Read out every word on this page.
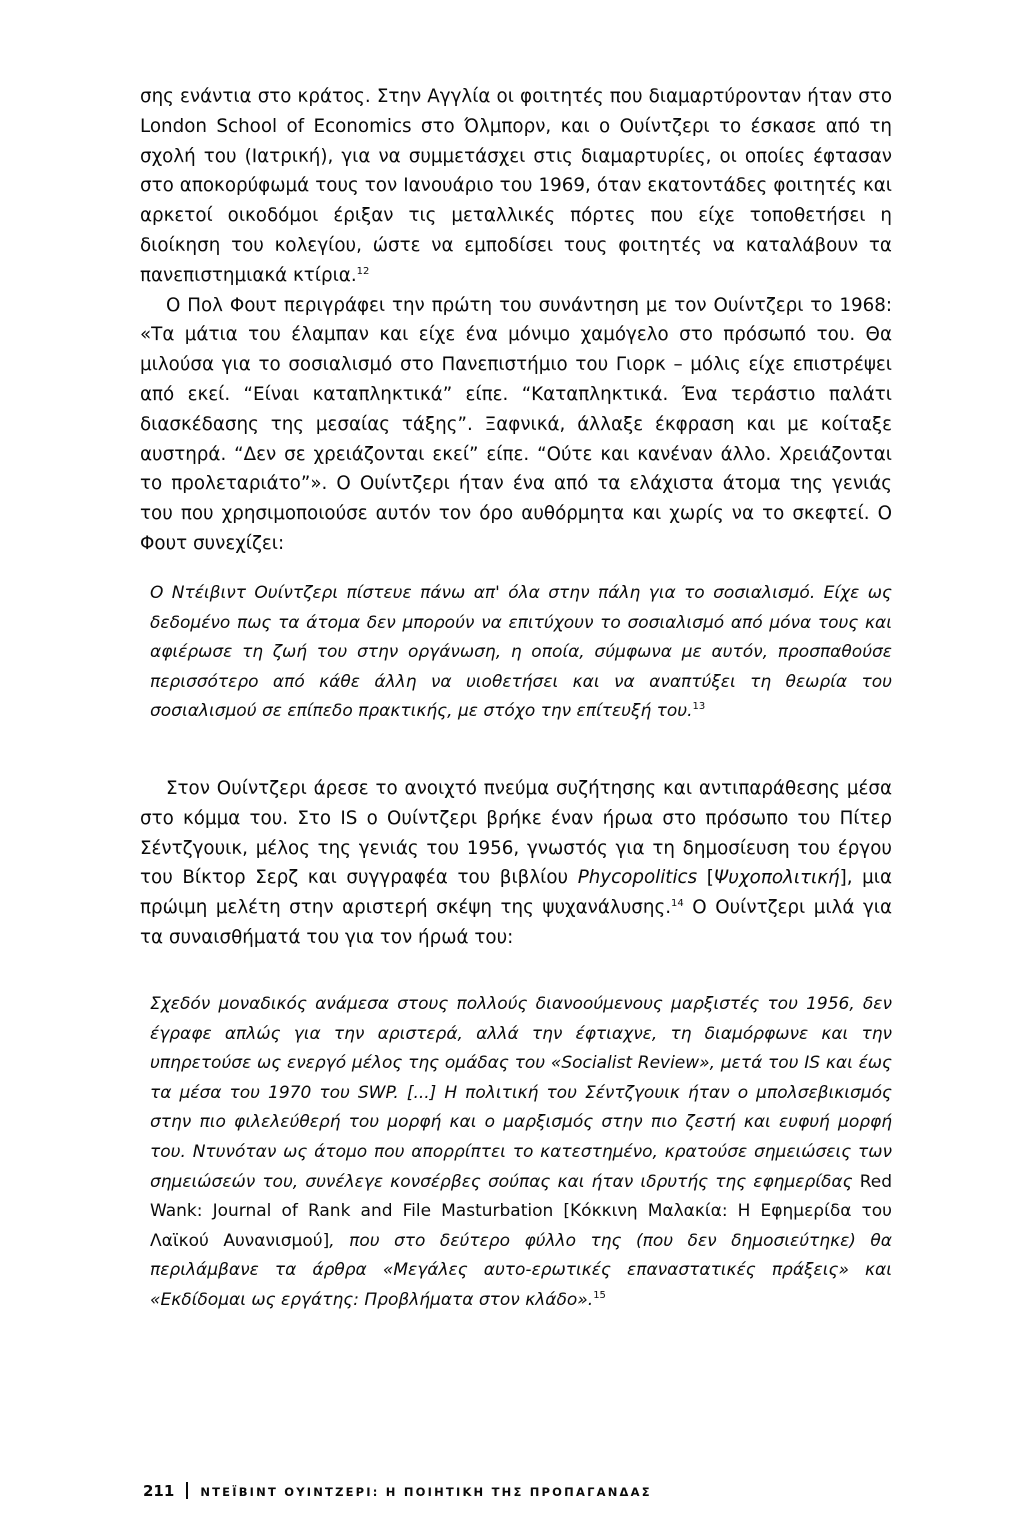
σης ενάντια στο κράτος. Στην Αγγλία οι φοιτητές που διαμαρτύρονταν ήταν στο London School of Economics στο Όλμπορν, και ο Ουίντζερι το έσκασε από τη σχολή του (Ιατρική), για να συμμετάσχει στις διαμαρτυρίες, οι οποίες έφτασαν στο αποκορύφωμά τους τον Ιανουάριο του 1969, όταν εκατοντάδες φοιτητές και αρκετοί οικοδόμοι έριξαν τις μεταλλικές πόρτες που είχε τοποθετήσει η διοίκηση του κολεγίου, ώστε να εμποδίσει τους φοιτητές να καταλάβουν τα πανεπιστημιακά κτίρια.$^{12}$

Ο Πολ Φουτ περιγράφει την πρώτη του συνάντηση με τον Ουίντζερι το 1968: «Τα μάτια του έλαμπαν και είχε ένα μόνιμο χαμόγελο στο πρόσωπό του. Θα μιλούσα για το σοσιαλισμό στο Πανεπιστήμιο του Γιορκ – μόλις είχε επιστρέψει από εκεί. “Είναι καταπληκτικά” είπε. “Καταπληκτικά. Ένα τεράστιο παλάτι διασκέδασης της μεσαίας τάξης”. Ξαφνικά, άλλαξε έκφραση και με κοίταξε αυστηρά. “Δεν σε χρειάζονται εκεί” είπε. “Ούτε και κανέναν άλλο. Χρειάζονται το προλεταριάτο”». Ο Ουίντζερι ήταν ένα από τα ελάχιστα άτομα της γενιάς του που χρησιμοποιούσε αυτόν τον όρο αυθόρμητα και χωρίς να το σκεφτεί. Ο Φουτ συνεχίζει:

Ο Ντέιβιντ Ουίντζερι πίστευε πάνω απ' όλα στην πάλη για το σοσιαλισμό. Είχε ως δεδομένο πως τα άτομα δεν μπορούν να επιτύχουν το σοσιαλισμό από μόνα τους και αφιέρωσε τη ζωή του στην οργάνωση, η οποία, σύμφωνα με αυτόν, προσπαθούσε περισσότερο από κάθε άλλη να υιοθετήσει και να αναπτύξει τη θεωρία του σοσιαλισμού σε επίπεδο πρακτικής, με στόχο την επίτευξή του.$^{13}$

Στον Ουίντζερι άρεσε το ανοιχτό πνεύμα συζήτησης και αντιπαράθεσης μέσα στο κόμμα του. Στο IS ο Ουίντζερι βρήκε έναν ήρωα στο πρόσωπο του Πίτερ Σέντζγουικ, μέλος της γενιάς του 1956, γνωστός για τη δημοσίευση του έργου του Βίκτορ Σερζ και συγγραφέα του βιβλίου Phycopolitics [Ψυχοπολιτική], μια πρώιμη μελέτη στην αριστερή σκέψη της ψυχανάλυσης.$^{14}$ Ο Ουίντζερι μιλά για τα συναισθήματά του για τον ήρωά του:

Σχεδόν μοναδικός ανάμεσα στους πολλούς διανοούμενους μαρξιστές του 1956, δεν έγραφε απλώς για την αριστερά, αλλά την έφτιαχνε, τη διαμόρφωνε και την υπηρετούσε ως ενεργό μέλος της ομάδας του «Socialist Review», μετά του IS και έως τα μέσα του 1970 του SWP. [...] Η πολιτική του Σέντζγουικ ήταν ο μπολσεβικισμός στην πιο φιλελεύθερή του μορφή και ο μαρξισμός στην πιο ζεστή και ευφυή μορφή του. Ντυνόταν ως άτομο που απορρίπτει το κατεστημένο, κρατούσε σημειώσεις των σημειώσεών του, συνέλεγε κονσέρβες σούπας και ήταν ιδρυτής της εφημερίδας Red Wank: Journal of Rank and File Masturbation [Κόκκινη Μαλακία: Η Εφημερίδα του Λαϊκού Αυνανισμού], που στο δεύτερο φύλλο της (που δεν δημοσιεύτηκε) θα περιλάμβανε τα άρθρα «Μεγάλες αυτο-ερωτικές επαναστατικές πράξεις» και «Εκδίδομαι ως εργάτης: Προβλήματα στον κλάδο».$^{15}$

211 ΝΤΕΪΒΙΝΤ ΟΥΙΝΤΖΕΡΙ: Η ΠΟΙΗΤΙΚΗ ΤΗΣ ΠΡΟΠΑΓΑΝΔΑΣ
